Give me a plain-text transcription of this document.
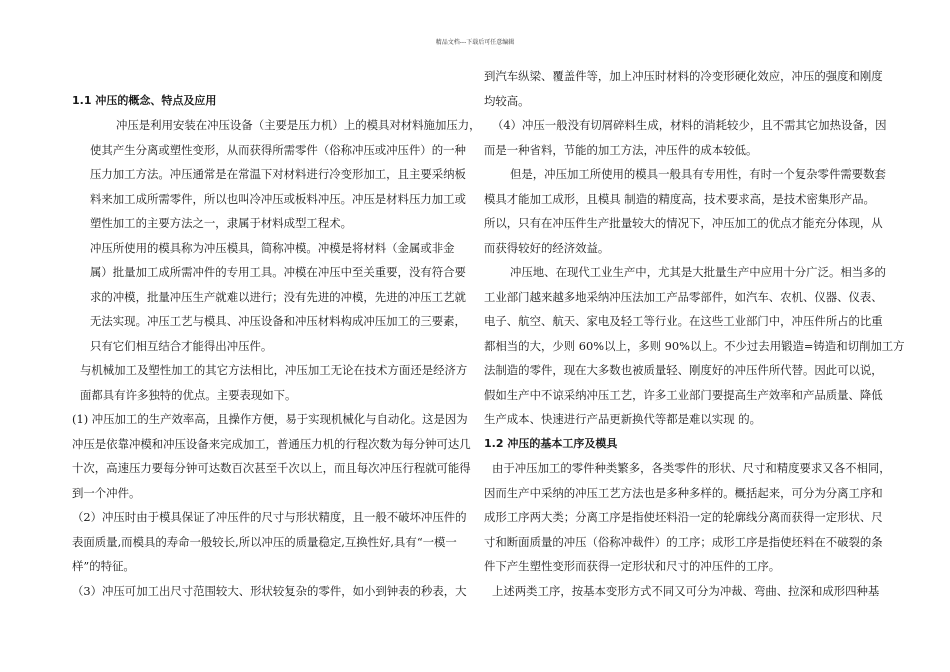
精品文档---下载后可任意编辑

1.1 冲压的概念、特点及应用
冲压是利用安装在冲压设备（主要是压力机）上的模具对材料施加压力，
使其产生分离或塑性变形，从而获得所需零件（俗称冲压或冲压件）的一种
压力加工方法。冲压通常是在常温下对材料进行冷变形加工，且主要采纳板
料来加工成所需零件，所以也叫冷冲压或板料冲压。冲压是材料压力加工或
塑性加工的主要方法之一，隶属于材料成型工程术。
冲压所使用的模具称为冲压模具，简称冲模。冲模是将材料（金属或非金
属）批量加工成所需冲件的专用工具。冲模在冲压中至关重要，没有符合要
求的冲模，批量冲压生产就难以进行；没有先进的冲模，先进的冲压工艺就
无法实现。冲压工艺与模具、冲压设备和冲压材料构成冲压加工的三要素，
只有它们相互结合才能得出冲压件。
与机械加工及塑性加工的其它方法相比，冲压加工无论在技术方面还是经济方
面都具有许多独特的优点。主要表现如下。
(1) 冲压加工的生产效率高，且操作方便，易于实现机械化与自动化。这是因为
冲压是依靠冲模和冲压设备来完成加工，普通压力机的行程次数为每分钟可达几
十次，高速压力要每分钟可达数百次甚至千次以上，而且每次冲压行程就可能得
到一个冲件。
（2）冲压时由于模具保证了冲压件的尺寸与形状精度，且一般不破坏冲压件的
表面质量,而模具的寿命一般较长,所以冲压的质量稳定,互换性好,具有“一模一
样”的特征。
（3）冲压可加工出尺寸范围较大、形状较复杂的零件，如小到钟表的秒表，大
到汽车纵梁、覆盖件等，加上冲压时材料的冷变形硬化效应，冲压的强度和刚度
均较高。
（4）冲压一般没有切屑碎料生成，材料的消耗较少，且不需其它加热设备，因
而是一种省料，节能的加工方法，冲压件的成本较低。
但是，冲压加工所使用的模具一般具有专用性，有时一个复杂零件需要数套
模具才能加工成形，且模具 制造的精度高，技术要求高，是技术密集形产品。
所以，只有在冲压件生产批量较大的情况下，冲压加工的优点才能充分体现，从
而获得较好的经济效益。
冲压地、在现代工业生产中，尤其是大批量生产中应用十分广泛。相当多的
工业部门越来越多地采纳冲压法加工产品零部件，如汽车、农机、仪器、仪表、
电子、航空、航天、家电及轻工等行业。在这些工业部门中，冲压件所占的比重
都相当的大，少则 60%以上，多则 90%以上。不少过去用锻造=铸造和切削加工方
法制造的零件，现在大多数也被质量轻、刚度好的冲压件所代替。因此可以说，
假如生产中不谅采纳冲压工艺，许多工业部门要提高生产效率和产品质量、降低
生产成本、快速进行产品更新换代等都是难以实现 的。
1.2 冲压的基本工序及模具
由于冲压加工的零件种类繁多，各类零件的形状、尺寸和精度要求又各不相同，
因而生产中采纳的冲压工艺方法也是多种多样的。概括起来，可分为分离工序和
成形工序两大类；分离工序是指使坯料沿一定的轮廓线分离而获得一定形状、尺
寸和断面质量的冲压（俗称冲裁件）的工序；成形工序是指使坯料在不破裂的条
件下产生塑性变形而获得一定形状和尺寸的冲压件的工序。
上述两类工序，按基本变形方式不同又可分为冲裁、弯曲、拉深和成形四种基
